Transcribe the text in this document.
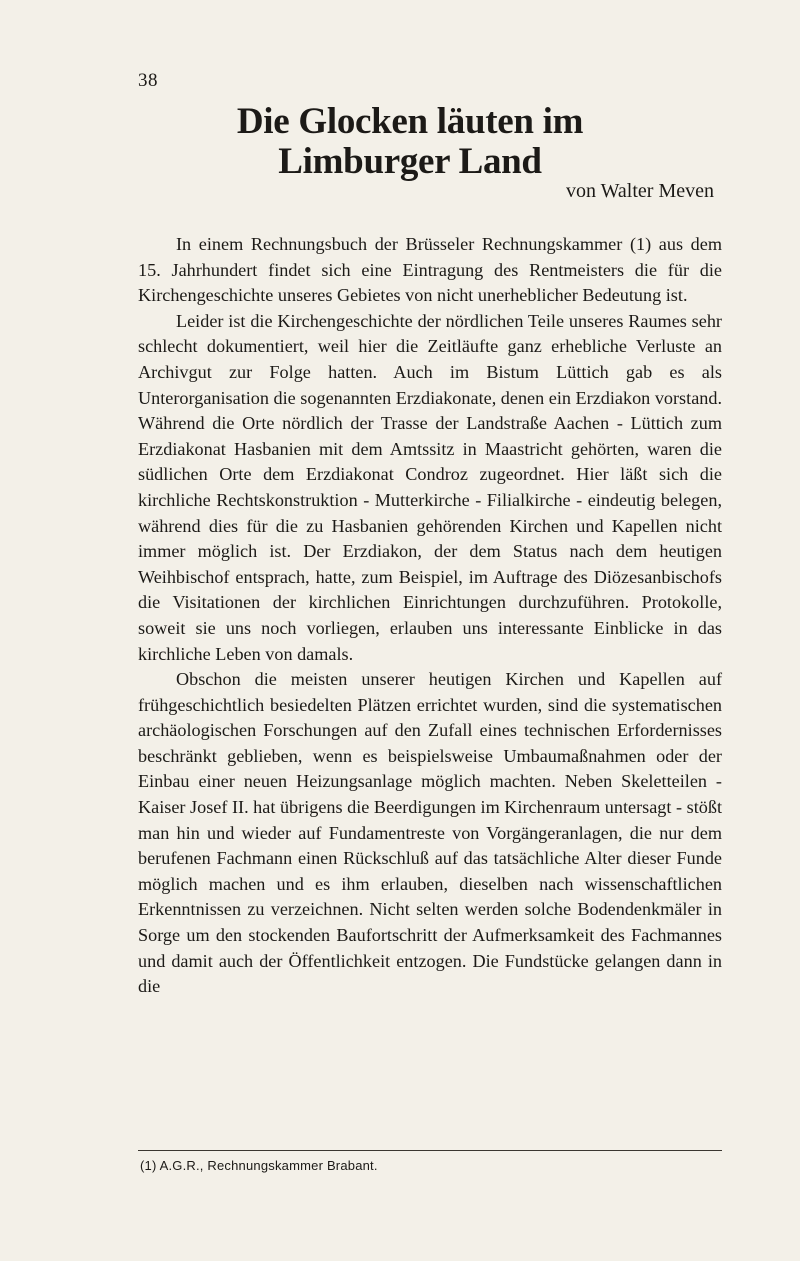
38
Die Glocken läuten im
Limburger Land
von Walter Meven

In einem Rechnungsbuch der Brüsseler Rechnungskammer (1) aus dem 15. Jahrhundert findet sich eine Eintragung des Rentmeisters die für die Kirchengeschichte unseres Gebietes von nicht unerheblicher Bedeutung ist.

Leider ist die Kirchengeschichte der nördlichen Teile unseres Raumes sehr schlecht dokumentiert, weil hier die Zeitläufte ganz erhebliche Verluste an Archivgut zur Folge hatten. Auch im Bistum Lüttich gab es als Unterorganisation die sogenannten Erzdiakonate, denen ein Erzdiakon vorstand. Während die Orte nördlich der Trasse der Landstraße Aachen - Lüttich zum Erzdiakonat Hasbanien mit dem Amtssitz in Maastricht gehörten, waren die südlichen Orte dem Erzdiakonat Condroz zugeordnet. Hier läßt sich die kirchliche Rechtskonstruktion - Mutterkirche - Filialkirche - eindeutig belegen, während dies für die zu Hasbanien gehörenden Kirchen und Kapellen nicht immer möglich ist. Der Erzdiakon, der dem Status nach dem heutigen Weihbischof entsprach, hatte, zum Beispiel, im Auftrage des Diözesanbischofs die Visitationen der kirchlichen Einrichtungen durchzuführen. Protokolle, soweit sie uns noch vorliegen, erlauben uns interessante Einblicke in das kirchliche Leben von damals.

Obschon die meisten unserer heutigen Kirchen und Kapellen auf frühgeschichtlich besiedelten Plätzen errichtet wurden, sind die systematischen archäologischen Forschungen auf den Zufall eines technischen Erfordernisses beschränkt geblieben, wenn es beispielsweise Umbaumaßnahmen oder der Einbau einer neuen Heizungsanlage möglich machten. Neben Skeletteilen - Kaiser Josef II. hat übrigens die Beerdigungen im Kirchenraum untersagt - stößt man hin und wieder auf Fundamentreste von Vorgängeranlagen, die nur dem berufenen Fachmann einen Rückschluß auf das tatsächliche Alter dieser Funde möglich machen und es ihm erlauben, dieselben nach wissenschaftlichen Erkenntnissen zu verzeichnen. Nicht selten werden solche Bodendenkmäler in Sorge um den stockenden Baufortschritt der Aufmerksamkeit des Fachmannes und damit auch der Öffentlichkeit entzogen. Die Fundstücke gelangen dann in die

(1) A.G.R., Rechnungskammer Brabant.
